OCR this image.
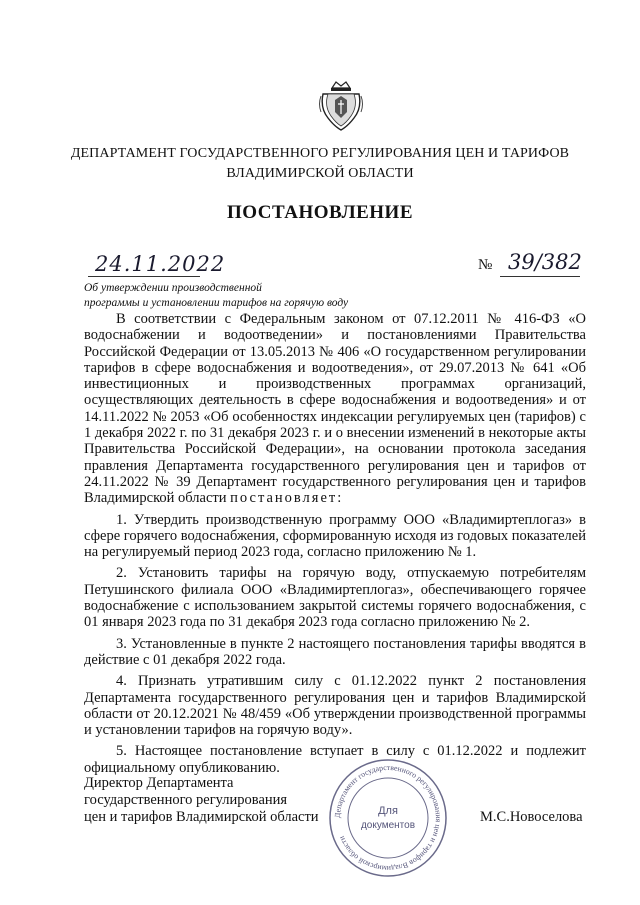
ДЕПАРТАМЕНТ ГОСУДАРСТВЕННОГО РЕГУЛИРОВАНИЯ ЦЕН И ТАРИФОВ
ВЛАДИМИРСКОЙ ОБЛАСТИ
ПОСТАНОВЛЕНИЕ
24.11.2022	№ 39/382
Об утверждении производственной
программы и установлении тарифов на горячую воду

В соответствии с Федеральным законом от 07.12.2011 № 416-ФЗ «О водоснабжении и водоотведении» и постановлениями Правительства Российской Федерации от 13.05.2013 № 406 «О государственном регулировании тарифов в сфере водоснабжения и водоотведения», от 29.07.2013 № 641 «Об инвестиционных и производственных программах организаций, осуществляющих деятельность в сфере водоснабжения и водоотведения» и от 14.11.2022 № 2053 «Об особенностях индексации регулируемых цен (тарифов) с 1 декабря 2022 г. по 31 декабря 2023 г. и о внесении изменений в некоторые акты Правительства Российской Федерации», на основании протокола заседания правления Департамента государственного регулирования цен и тарифов от 24.11.2022 № 39 Департамент государственного регулирования цен и тарифов Владимирской области постановляет:

1. Утвердить производственную программу ООО «Владимиртеплогаз» в сфере горячего водоснабжения, сформированную исходя из годовых показателей на регулируемый период 2023 года, согласно приложению № 1.

2. Установить тарифы на горячую воду, отпускаемую потребителям Петушинского филиала ООО «Владимиртеплогаз», обеспечивающего горячее водоснабжение с использованием закрытой системы горячего водоснабжения, с 01 января 2023 года по 31 декабря 2023 года согласно приложению № 2.

3. Установленные в пункте 2 настоящего постановления тарифы вводятся в действие с 01 декабря 2022 года.

4. Признать утратившим силу с 01.12.2022 пункт 2 постановления Департамента государственного регулирования цен и тарифов Владимирской области от 20.12.2021 № 48/459 «Об утверждении производственной программы и установлении тарифов на горячую воду».

5. Настоящее постановление вступает в силу с 01.12.2022 и подлежит официальному опубликованию.

Директор Департамента
государственного регулирования
цен и тарифов Владимирской области Департамент государственного регулирования цен и тарифов Владимирской области
Для
документов
М.С.Новоселова
